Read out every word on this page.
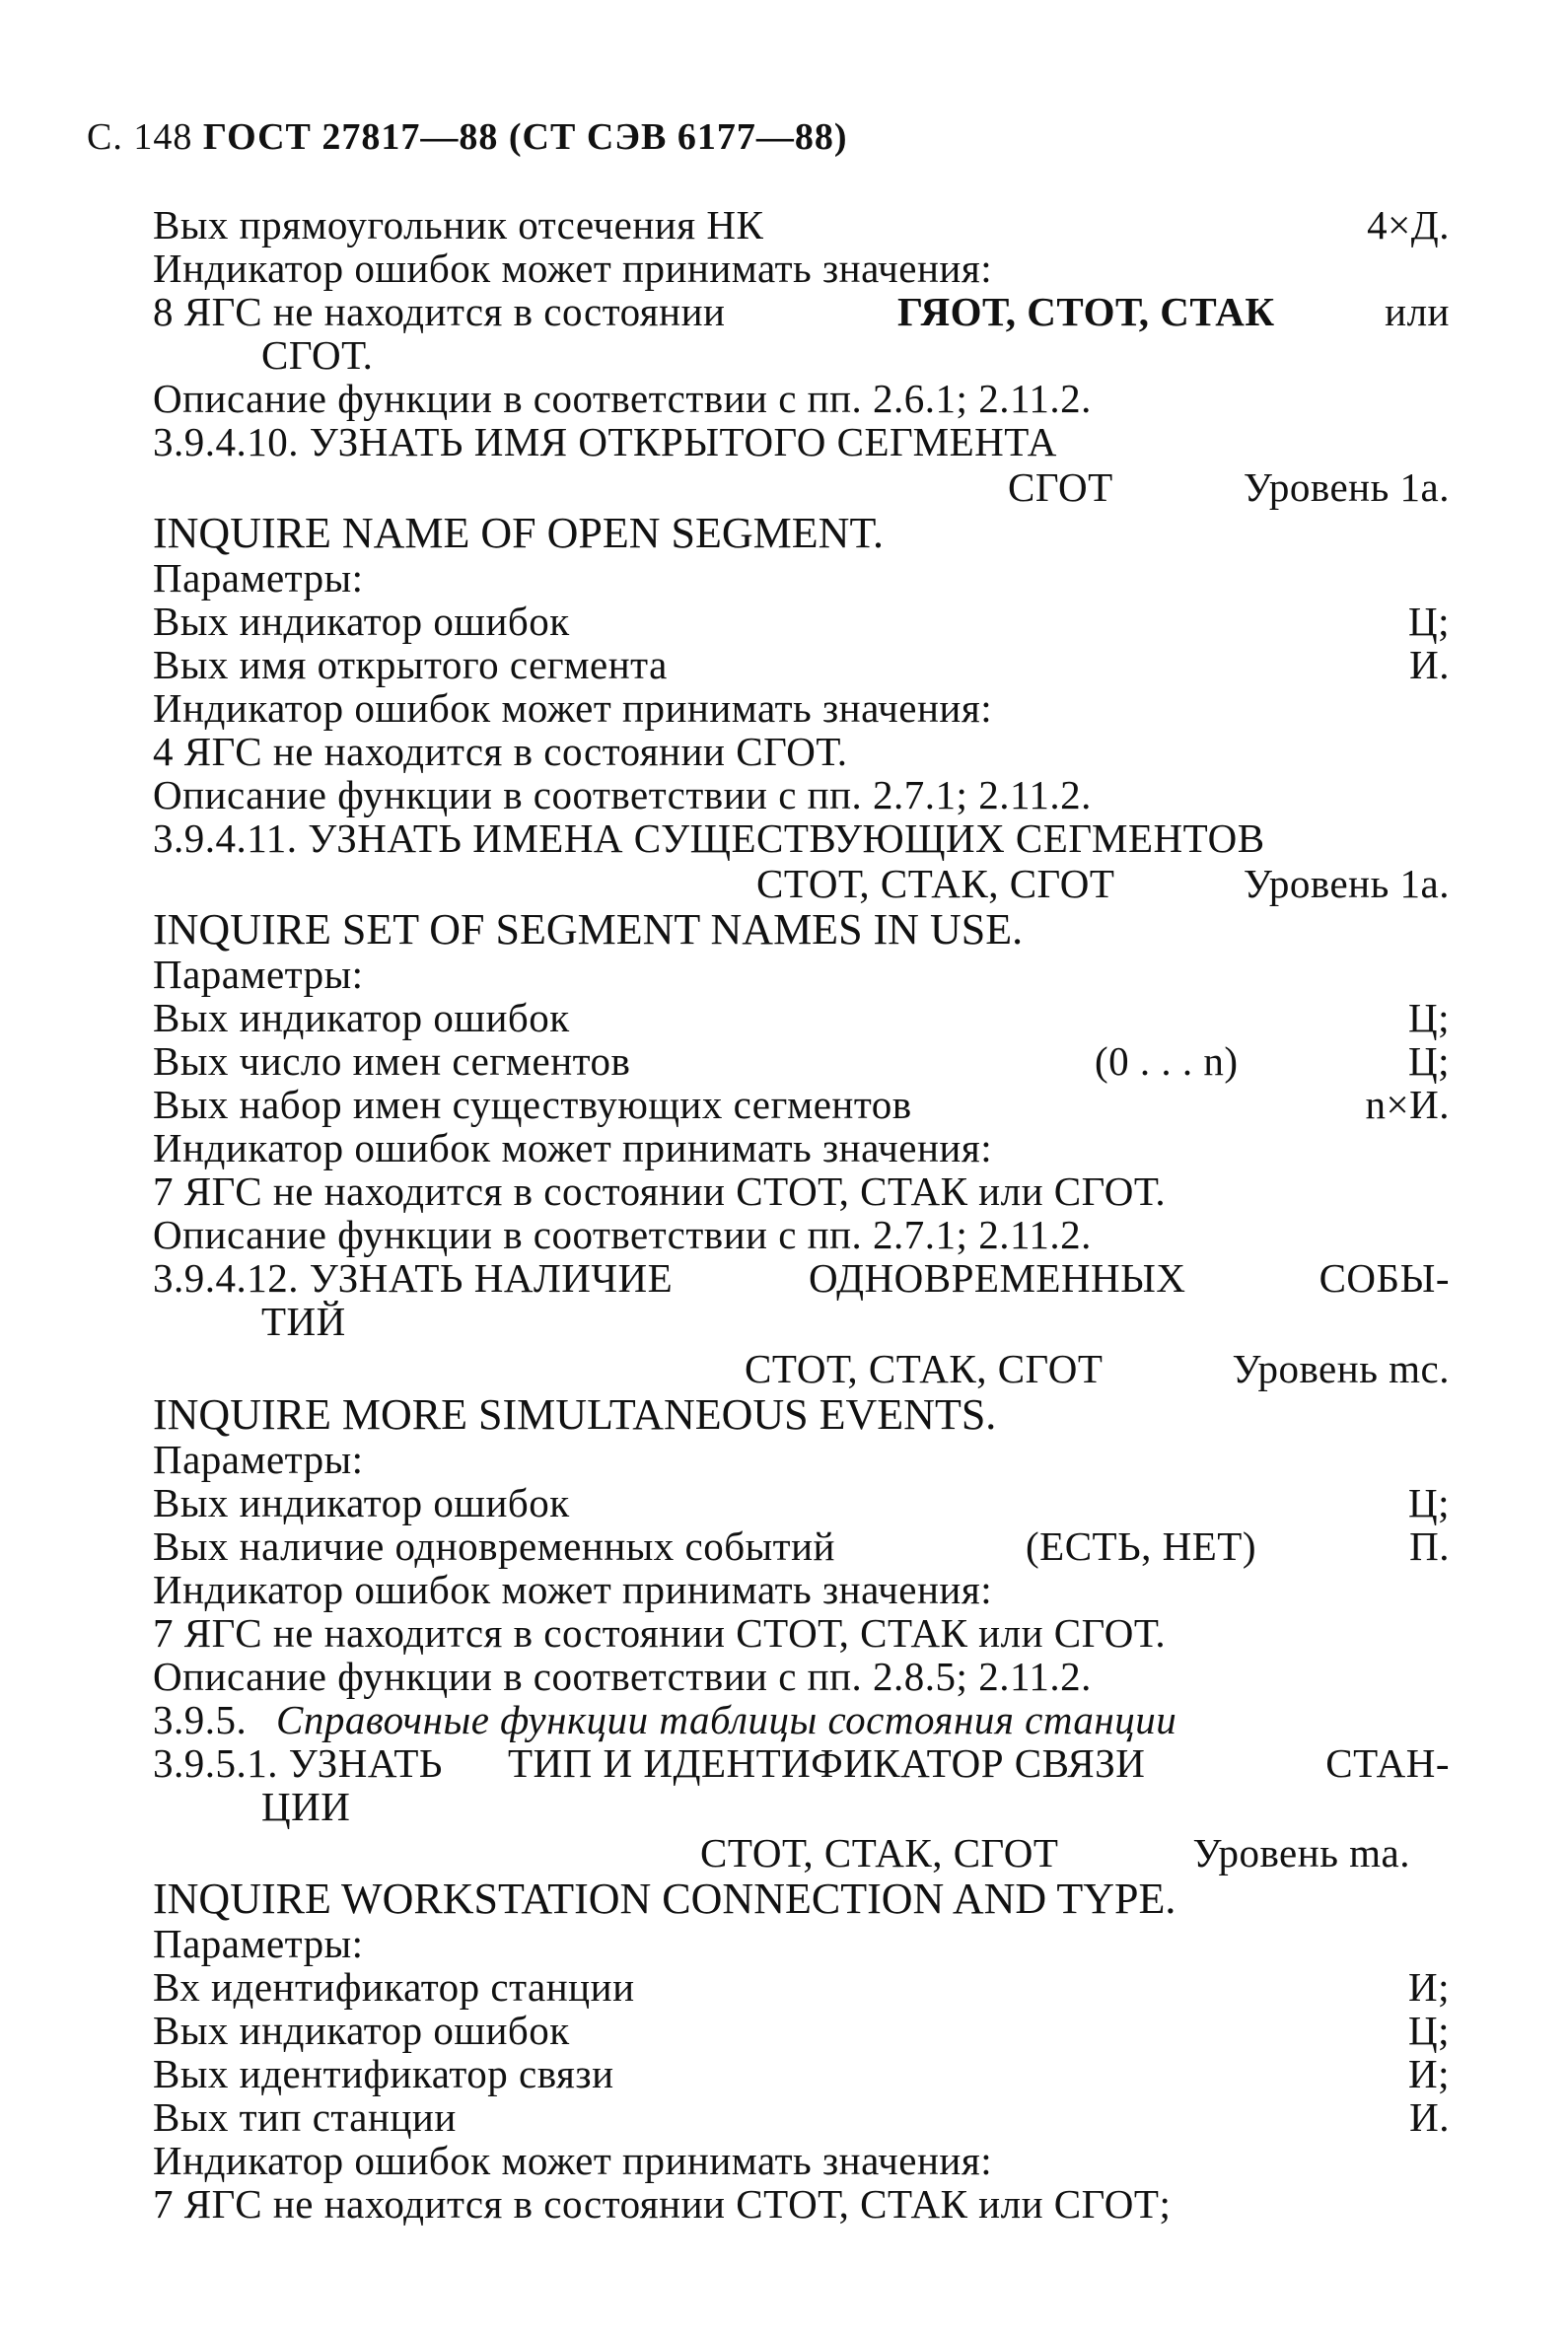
С. 148 ГОСТ 27817—88 (СТ СЭВ 6177—88)
Вых прямоугольник отсечения НК	4×Д.
Индикатор ошибок может принимать значения:
8 ЯГС не находится в состоянии	ГЯОТ, СТОТ, СТАК	или
СГОТ.
Описание функции в соответствии с пп. 2.6.1; 2.11.2.
3.9.4.10. УЗНАТЬ ИМЯ ОТКРЫТОГО СЕГМЕНТА
СГОТ	Уровень 1а.
INQUIRE NAME OF OPEN SEGMENT.
Параметры:
Вых индикатор ошибок	Ц;
Вых имя открытого сегмента	И.
Индикатор ошибок может принимать значения:
4 ЯГС не находится в состоянии СГОТ.
Описание функции в соответствии с пп. 2.7.1; 2.11.2.
3.9.4.11. УЗНАТЬ ИМЕНА СУЩЕСТВУЮЩИХ СЕГМЕНТОВ
СТОТ, СТАК, СГОТ	Уровень 1а.
INQUIRE SET OF SEGMENT NAMES IN USE.
Параметры:
Вых индикатор ошибок	Ц;
Вых число имен сегментов	(0 . . . n)	Ц;
Вых набор имен существующих сегментов	n×И.
Индикатор ошибок может принимать значения:
7 ЯГС не находится в состоянии СТОТ, СТАК или СГОТ.
Описание функции в соответствии с пп. 2.7.1; 2.11.2.
3.9.4.12. УЗНАТЬ НАЛИЧИЕ	ОДНОВРЕМЕННЫХ	СОБЫ-
ТИЙ
СТОТ, СТАК, СГОТ	Уровень mc.
INQUIRE MORE SIMULTANEOUS EVENTS.
Параметры:
Вых индикатор ошибок	Ц;
Вых наличие одновременных событий	(ЕСТЬ, НЕТ)	П.
Индикатор ошибок может принимать значения:
7 ЯГС не находится в состоянии СТОТ, СТАК или СГОТ.
Описание функции в соответствии с пп. 2.8.5; 2.11.2.
3.9.5. Справочные функции таблицы состояния станции
3.9.5.1. УЗНАТЬ ТИП И ИДЕНТИФИКАТОР СВЯЗИ	СТАН-
ЦИИ
СТОТ, СТАК, СГОТ	Уровень ma.
INQUIRE WORKSTATION CONNECTION AND TYPE.
Параметры:
Вх идентификатор станции	И;
Вых индикатор ошибок	Ц;
Вых идентификатор связи	И;
Вых тип станции	И.
Индикатор ошибок может принимать значения:
7 ЯГС не находится в состоянии СТОТ, СТАК или СГОТ;
